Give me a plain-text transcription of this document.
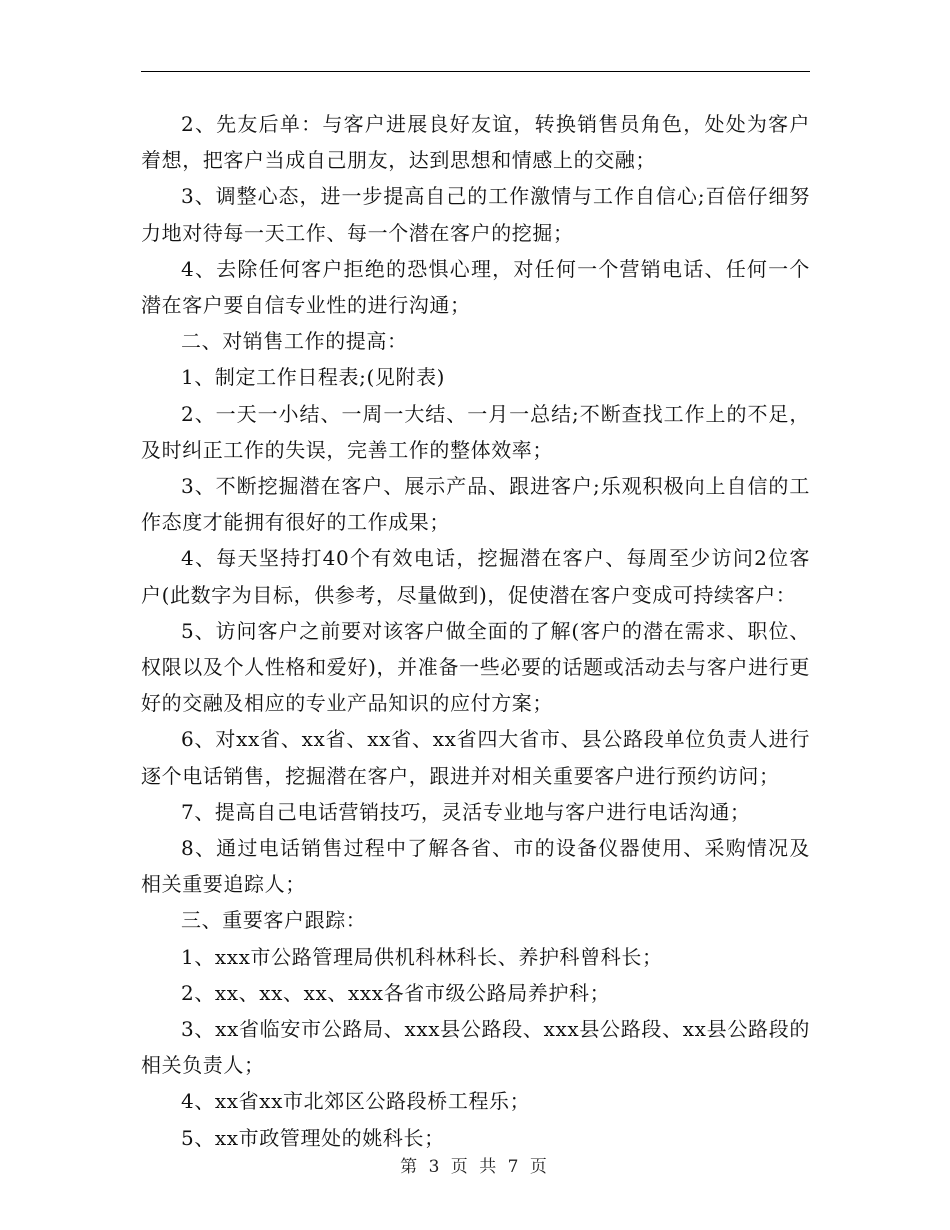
2、先友后单：与客户进展良好友谊，转换销售员角色，处处为客户着想，把客户当成自己朋友，达到思想和情感上的交融；

3、调整心态，进一步提高自己的工作激情与工作自信心;百倍仔细努力地对待每一天工作、每一个潜在客户的挖掘；

4、去除任何客户拒绝的恐惧心理，对任何一个营销电话、任何一个潜在客户要自信专业性的进行沟通；

二、对销售工作的提高：

1、制定工作日程表;(见附表)

2、一天一小结、一周一大结、一月一总结;不断查找工作上的不足，及时纠正工作的失误，完善工作的整体效率；

3、不断挖掘潜在客户、展示产品、跟进客户;乐观积极向上自信的工作态度才能拥有很好的工作成果；

4、每天坚持打40个有效电话，挖掘潜在客户、每周至少访问2位客户(此数字为目标，供参考，尽量做到)，促使潜在客户变成可持续客户：

5、访问客户之前要对该客户做全面的了解(客户的潜在需求、职位、权限以及个人性格和爱好)，并准备一些必要的话题或活动去与客户进行更好的交融及相应的专业产品知识的应付方案；

6、对xx省、xx省、xx省、xx省四大省市、县公路段单位负责人进行逐个电话销售，挖掘潜在客户，跟进并对相关重要客户进行预约访问；

7、提高自己电话营销技巧，灵活专业地与客户进行电话沟通；

8、通过电话销售过程中了解各省、市的设备仪器使用、采购情况及相关重要追踪人；

三、重要客户跟踪：

1、xxx市公路管理局供机科林科长、养护科曾科长；

2、xx、xx、xx、xxx各省市级公路局养护科；

3、xx省临安市公路局、xxx县公路段、xxx县公路段、xx县公路段的相关负责人；

4、xx省xx市北郊区公路段桥工程乐；

5、xx市政管理处的姚科长；

第 3 页 共 7 页
